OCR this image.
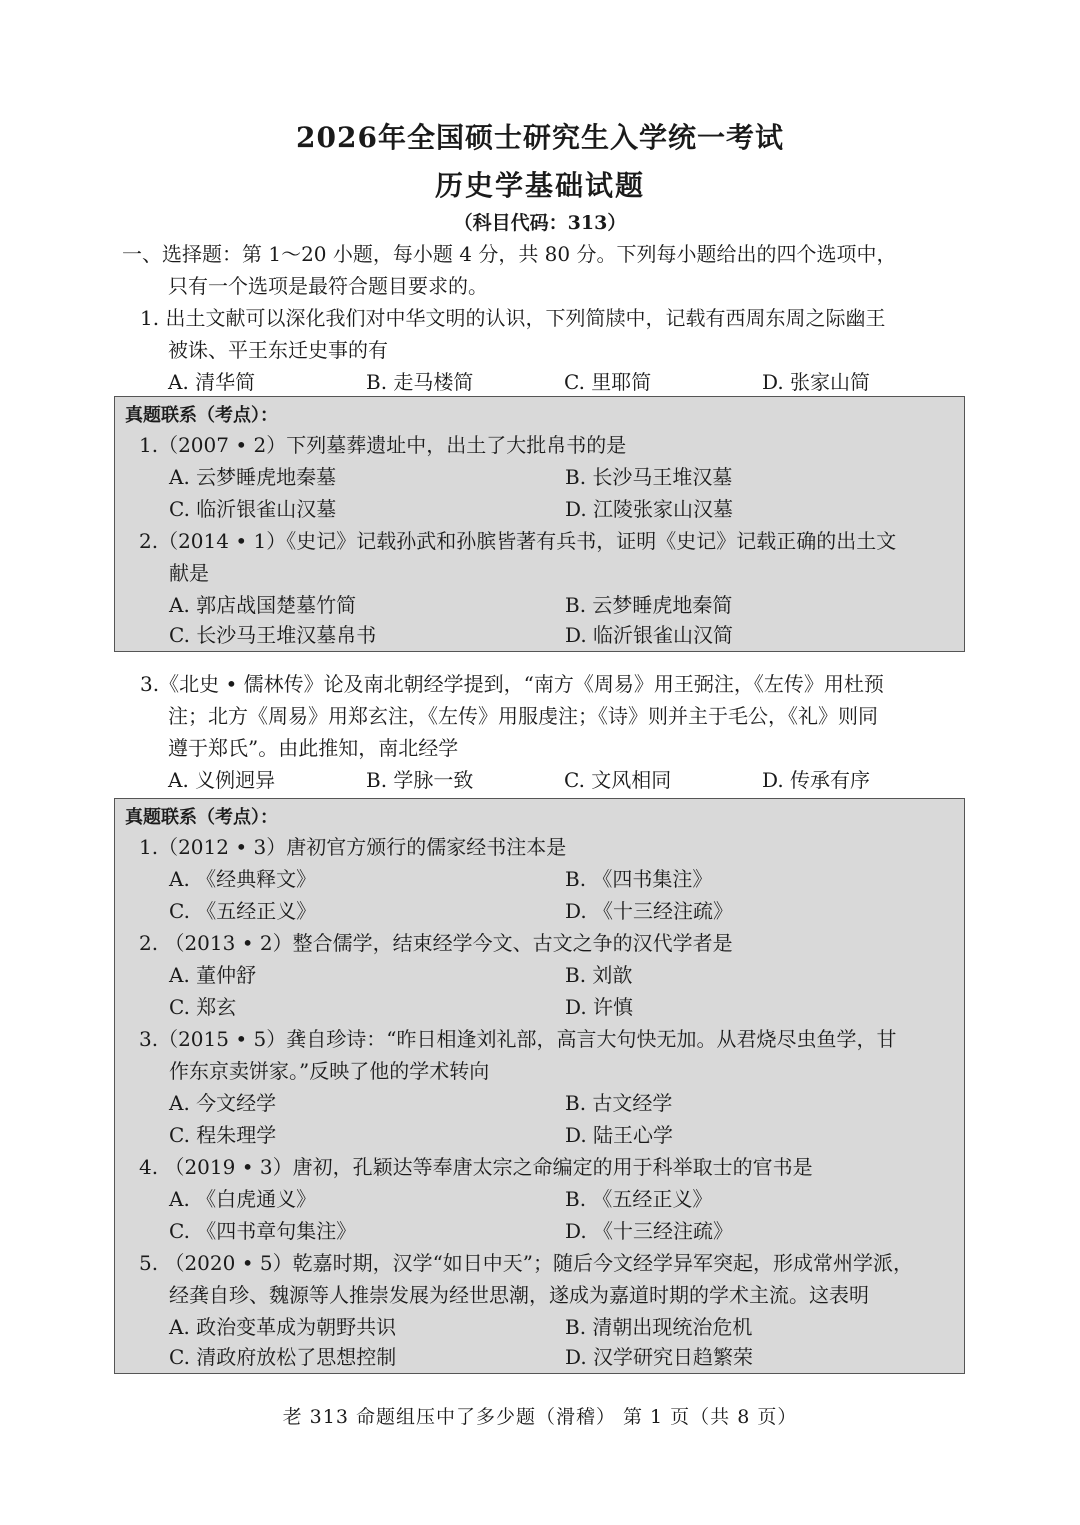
2026年全国硕士研究生入学统一考试
历史学基础试题
（科目代码：313）
一、选择题：第 1～20 小题，每小题 4 分，共 80 分。下列每小题给出的四个选项中，
只有一个选项是最符合题目要求的。
1. 出土文献可以深化我们对中华文明的认识，下列简牍中，记载有西周东周之际幽王
被诛、平王东迁史事的有
A. 清华简	B. 走马楼简	C. 里耶简	D. 张家山简
真题联系（考点）：
1.（2007 • 2）下列墓葬遗址中，出土了大批帛书的是
A. 云梦睡虎地秦墓	B. 长沙马王堆汉墓
C. 临沂银雀山汉墓	D. 江陵张家山汉墓
2.（2014 • 1）《史记》记载孙武和孙膑皆著有兵书，证明《史记》记载正确的出土文
献是
A. 郭店战国楚墓竹简	B. 云梦睡虎地秦简
C. 长沙马王堆汉墓帛书	D. 临沂银雀山汉简
3.《北史 • 儒林传》论及南北朝经学提到，“南方《周易》用王弼注，《左传》用杜预
注；北方《周易》用郑玄注，《左传》用服虔注；《诗》则并主于毛公，《礼》则同
遵于郑氏”。由此推知，南北经学
A. 义例迥异	B. 学脉一致	C. 文风相同	D. 传承有序
真题联系（考点）：
1.（2012 • 3）唐初官方颁行的儒家经书注本是
A. 《经典释文》	B. 《四书集注》
C. 《五经正义》	D. 《十三经注疏》
2. （2013 • 2）整合儒学，结束经学今文、古文之争的汉代学者是
A. 董仲舒	B. 刘歆
C. 郑玄	D. 许慎
3.（2015 • 5）龚自珍诗：“昨日相逢刘礼部，高言大句快无加。从君烧尽虫鱼学，甘
作东京卖饼家。”反映了他的学术转向
A. 今文经学	B. 古文经学
C. 程朱理学	D. 陆王心学
4. （2019 • 3）唐初，孔颖达等奉唐太宗之命编定的用于科举取士的官书是
A. 《白虎通义》	B. 《五经正义》
C. 《四书章句集注》	D. 《十三经注疏》
5. （2020 • 5）乾嘉时期，汉学“如日中天”；随后今文经学异军突起，形成常州学派，
经龚自珍、魏源等人推崇发展为经世思潮，遂成为嘉道时期的学术主流。这表明
A. 政治变革成为朝野共识	B. 清朝出现统治危机
C. 清政府放松了思想控制	D. 汉学研究日趋繁荣
老 313 命题组压中了多少题（滑稽） 第 1 页（共 8 页）
